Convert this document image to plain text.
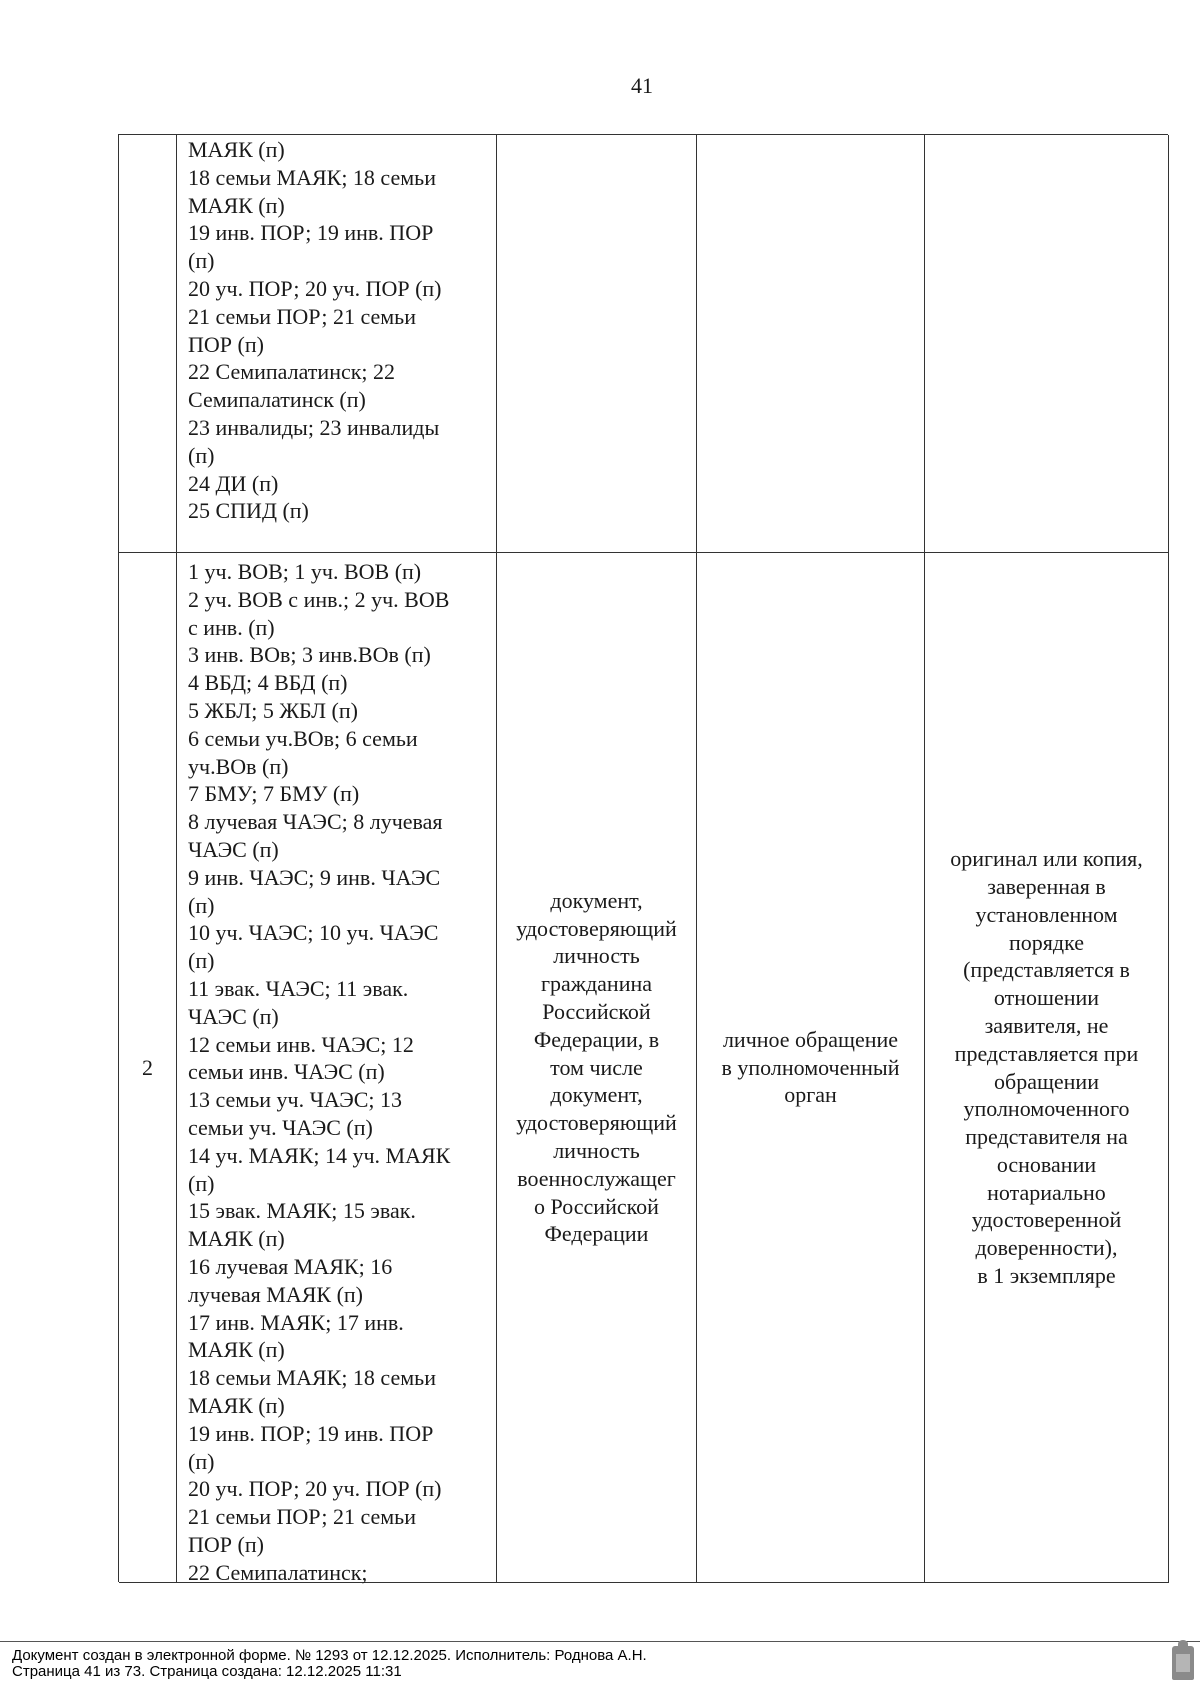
41
МАЯК (п)
18 семьи МАЯК; 18 семьи
МАЯК (п)
19 инв. ПОР; 19 инв. ПОР
(п)
20 уч. ПОР; 20 уч. ПОР (п)
21 семьи ПОР; 21 семьи
ПОР (п)
22 Семипалатинск; 22
Семипалатинск (п)
23 инвалиды; 23 инвалиды
(п)
24 ДИ (п)
25 СПИД (п)
2
1 уч. ВОВ; 1 уч. ВОВ (п)
2 уч. ВОВ с инв.; 2 уч. ВОВ
с инв. (п)
3 инв. ВОв; 3 инв.ВОв (п)
4 ВБД; 4 ВБД (п)
5 ЖБЛ; 5 ЖБЛ (п)
6 семьи уч.ВОв; 6 семьи
уч.ВОв (п)
7 БМУ; 7 БМУ (п)
8 лучевая ЧАЭС; 8 лучевая
ЧАЭС (п)
9 инв. ЧАЭС; 9 инв. ЧАЭС
(п)
10 уч. ЧАЭС; 10 уч. ЧАЭС
(п)
11 эвак. ЧАЭС; 11 эвак.
ЧАЭС (п)
12 семьи инв. ЧАЭС; 12
семьи инв. ЧАЭС (п)
13 семьи уч. ЧАЭС; 13
семьи уч. ЧАЭС (п)
14 уч. МАЯК; 14 уч. МАЯК
(п)
15 эвак. МАЯК; 15 эвак.
МАЯК (п)
16 лучевая МАЯК; 16
лучевая МАЯК (п)
17 инв. МАЯК; 17 инв.
МАЯК (п)
18 семьи МАЯК; 18 семьи
МАЯК (п)
19 инв. ПОР; 19 инв. ПОР
(п)
20 уч. ПОР; 20 уч. ПОР (п)
21 семьи ПОР; 21 семьи
ПОР (п)
22 Семипалатинск;
документ,
удостоверяющий
личность
гражданина
Российской
Федерации, в
том числе
документ,
удостоверяющий
личность
военнослужащег
о Российской
Федерации
личное обращение
в уполномоченный
орган
оригинал или копия,
заверенная в
установленном
порядке
(представляется в
отношении
заявителя, не
представляется при
обращении
уполномоченного
представителя на
основании
нотариально
удостоверенной
доверенности),
в 1 экземпляре
Документ создан в электронной форме. № 1293 от 12.12.2025. Исполнитель: Роднова А.Н.
Страница 41 из 73. Страница создана: 12.12.2025 11:31
